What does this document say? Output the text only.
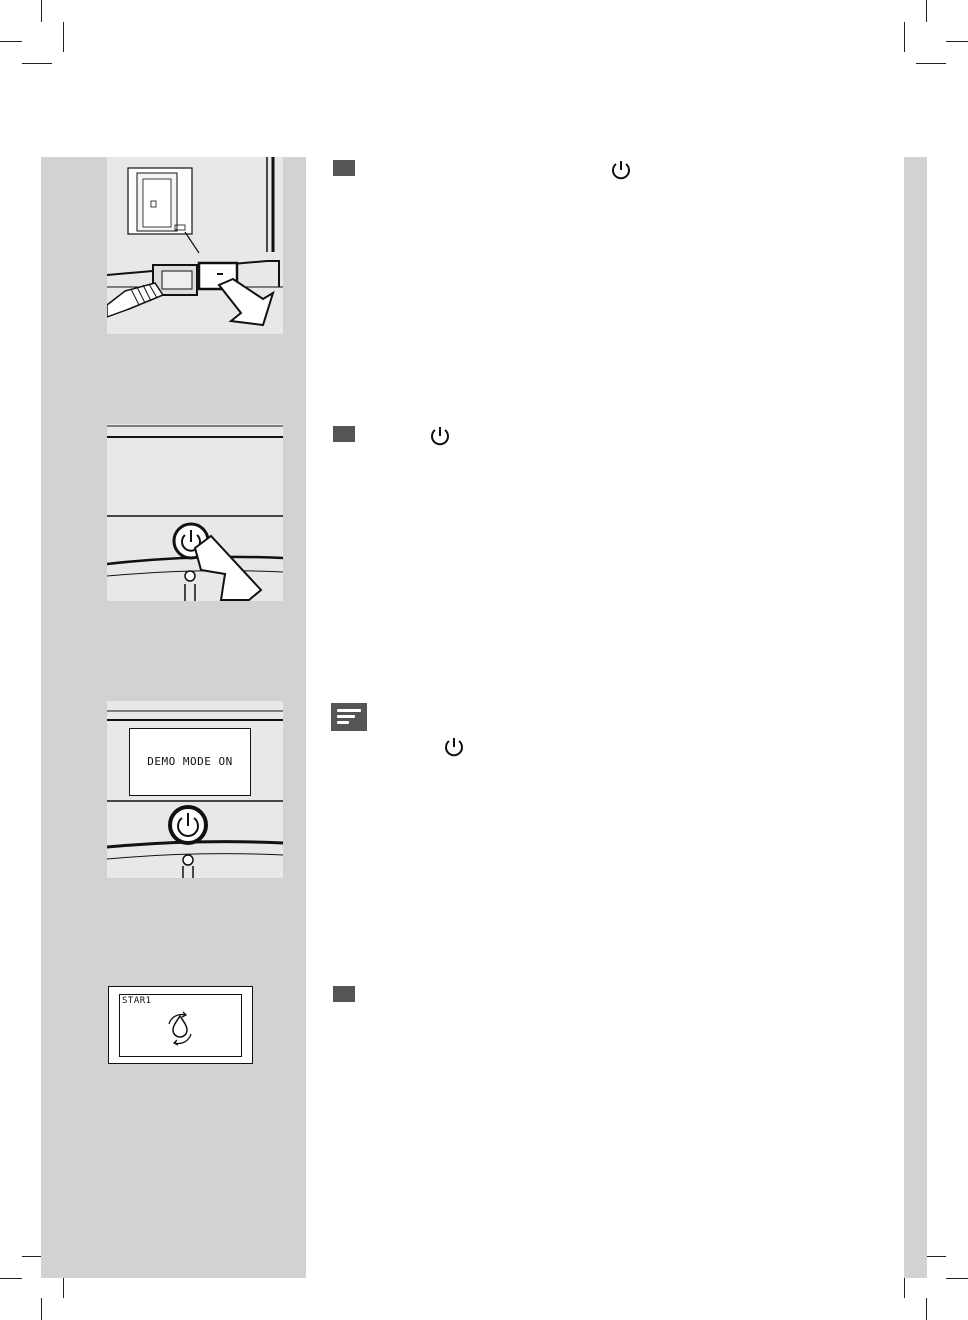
DEMO MODE ON
STAR1
